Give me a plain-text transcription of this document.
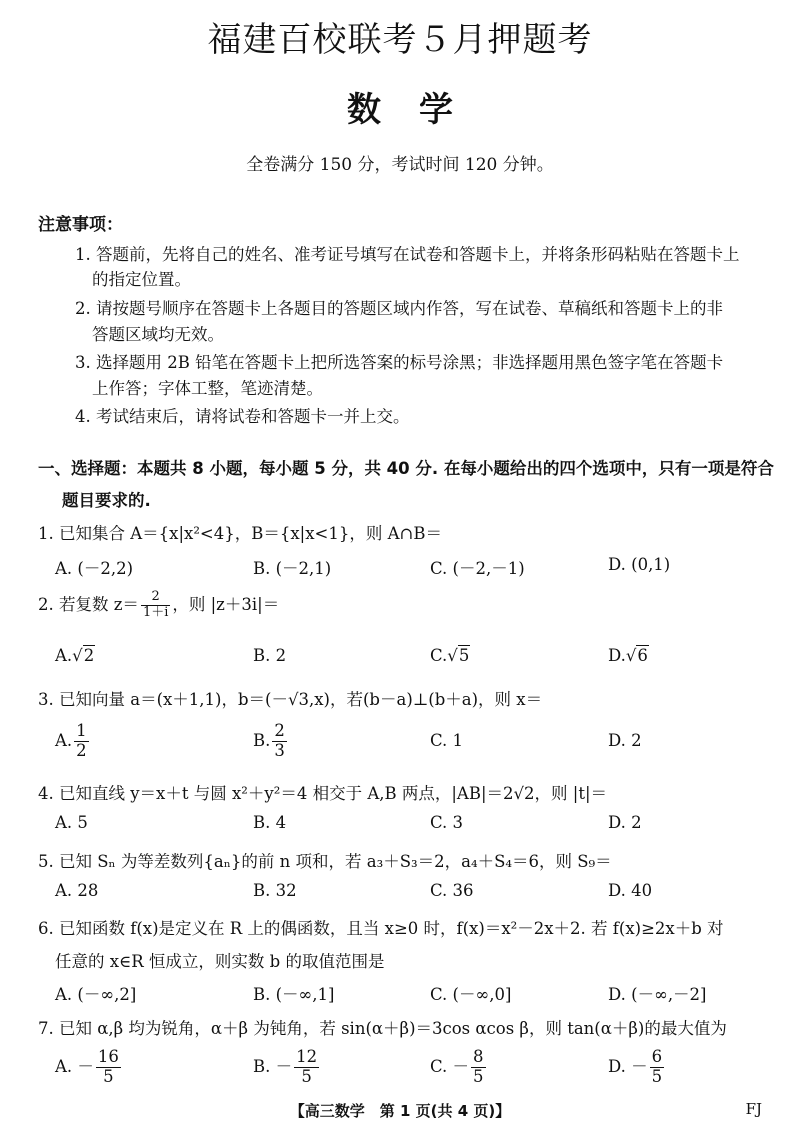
福建百校联考５月押题考
数学
全卷满分 150 分，考试时间 120 分钟。
注意事项：
1. 答题前，先将自己的姓名、准考证号填写在试卷和答题卡上，并将条形码粘贴在答题卡上
的指定位置。
2. 请按题号顺序在答题卡上各题目的答题区域内作答，写在试卷、草稿纸和答题卡上的非
答题区域均无效。
3. 选择题用 2B 铅笔在答题卡上把所选答案的标号涂黑；非选择题用黑色签字笔在答题卡
上作答；字体工整，笔迹清楚。
4. 考试结束后，请将试卷和答题卡一并上交。
一、选择题：本题共 8 小题，每小题 5 分，共 40 分. 在每小题给出的四个选项中，只有一项是符合
题目要求的.
1. 已知集合 A＝{x|x²<4}，B＝{x|x<1}，则 A∩B＝
A. (－2,2)	B. (－2,1)	C. (－2,－1)	D. (0,1)
2. 若复数 $z= \frac{2}{1+i}$ ，则 |z＋3i|＝
A.√2	B. 2	C.√5	D.√6
3. 已知向量 a＝(x＋1,1)，b＝(－√3,x)，若(b－a)⊥(b＋a)，则 x＝
A. $\frac{1}{2}$	B. $\frac{2}{3}$	C. 1	D. 2
4. 已知直线 y＝x＋t 与圆 x²＋y²＝4 相交于 A,B 两点，|AB|＝2√2，则 |t|＝
A. 5	B. 4	C. 3	D. 2
5. 已知 Sₙ 为等差数列{aₙ}的前 n 项和，若 a₃＋S₃＝2，a₄＋S₄＝6，则 S₉＝
A. 28	B. 32	C. 36	D. 40
6. 已知函数 f(x)是定义在 R 上的偶函数，且当 x≥0 时，f(x)＝x²－2x＋2. 若 f(x)≥2x＋b 对
任意的 x∈R 恒成立，则实数 b 的取值范围是
A. (－∞,2]	B. (－∞,1]	C. (－∞,0]	D. (－∞,－2]
7. 已知 α,β 均为锐角，α＋β 为钝角，若 sin(α＋β)＝3cos αcos β，则 tan(α＋β)的最大值为
A. － $\frac{16}{5}$	B. － $\frac{12}{5}$	C. － $\frac{8}{5}$	D. － $\frac{6}{5}$
【高三数学　第 1 页(共 4 页)】	FJ
